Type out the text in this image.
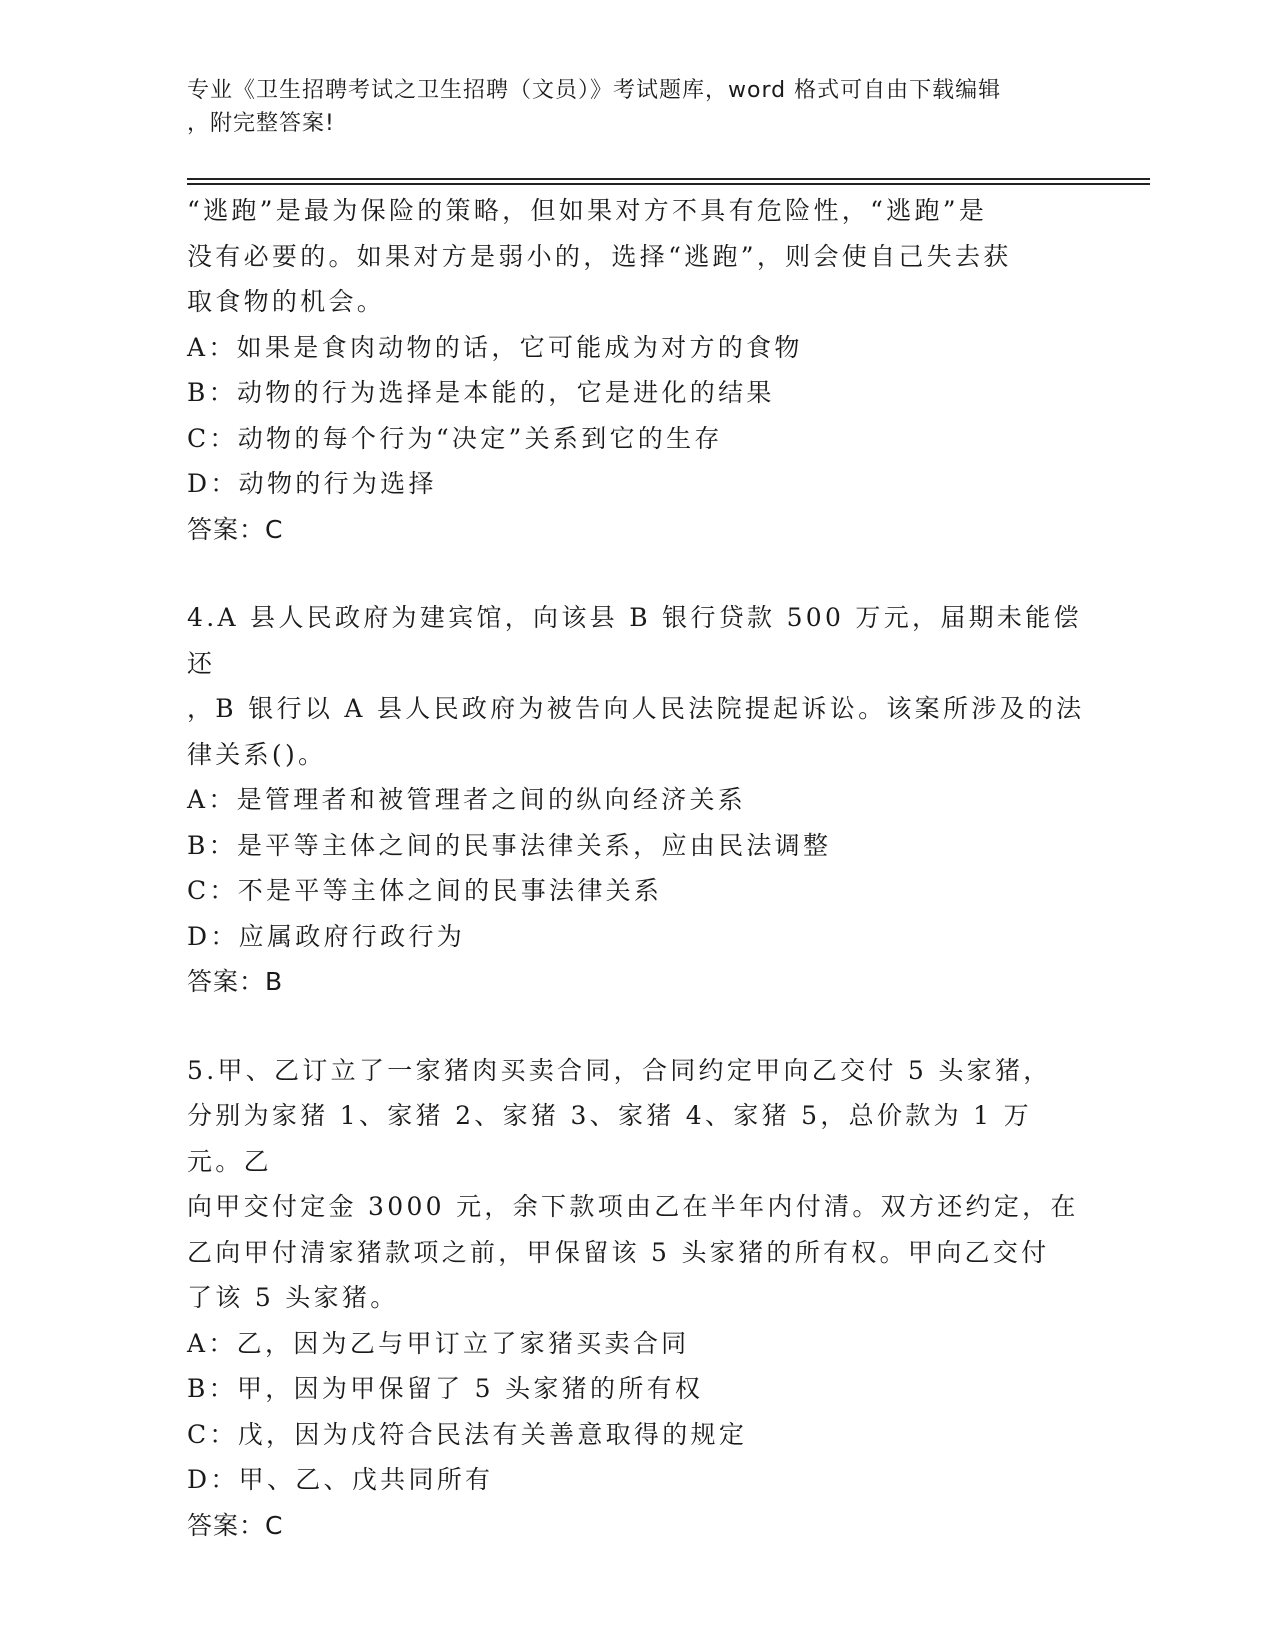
专业《卫生招聘考试之卫生招聘（文员）》考试题库，word 格式可自由下载编辑
，附完整答案!

“逃跑”是最为保险的策略，但如果对方不具有危险性，“逃跑”是

没有必要的。如果对方是弱小的，选择“逃跑”，则会使自己失去获

取食物的机会。

A：如果是食肉动物的话，它可能成为对方的食物

B：动物的行为选择是本能的，它是进化的结果

C：动物的每个行为“决定”关系到它的生存

D：动物的行为选择

答案：C

4.A 县人民政府为建宾馆，向该县 B 银行贷款 500 万元，届期未能偿还

，B 银行以 A 县人民政府为被告向人民法院提起诉讼。该案所涉及的法

律关系()。

A：是管理者和被管理者之间的纵向经济关系

B：是平等主体之间的民事法律关系，应由民法调整

C：不是平等主体之间的民事法律关系

D：应属政府行政行为

答案：B

5.甲、乙订立了一家猪肉买卖合同，合同约定甲向乙交付 5 头家猪，

分别为家猪 1、家猪 2、家猪 3、家猪 4、家猪 5，总价款为 1 万元。乙

向甲交付定金 3000 元，余下款项由乙在半年内付清。双方还约定，在

乙向甲付清家猪款项之前，甲保留该 5 头家猪的所有权。甲向乙交付

了该 5 头家猪。

A：乙，因为乙与甲订立了家猪买卖合同

B：甲，因为甲保留了 5 头家猪的所有权

C：戊，因为戊符合民法有关善意取得的规定

D：甲、乙、戊共同所有

答案：C
